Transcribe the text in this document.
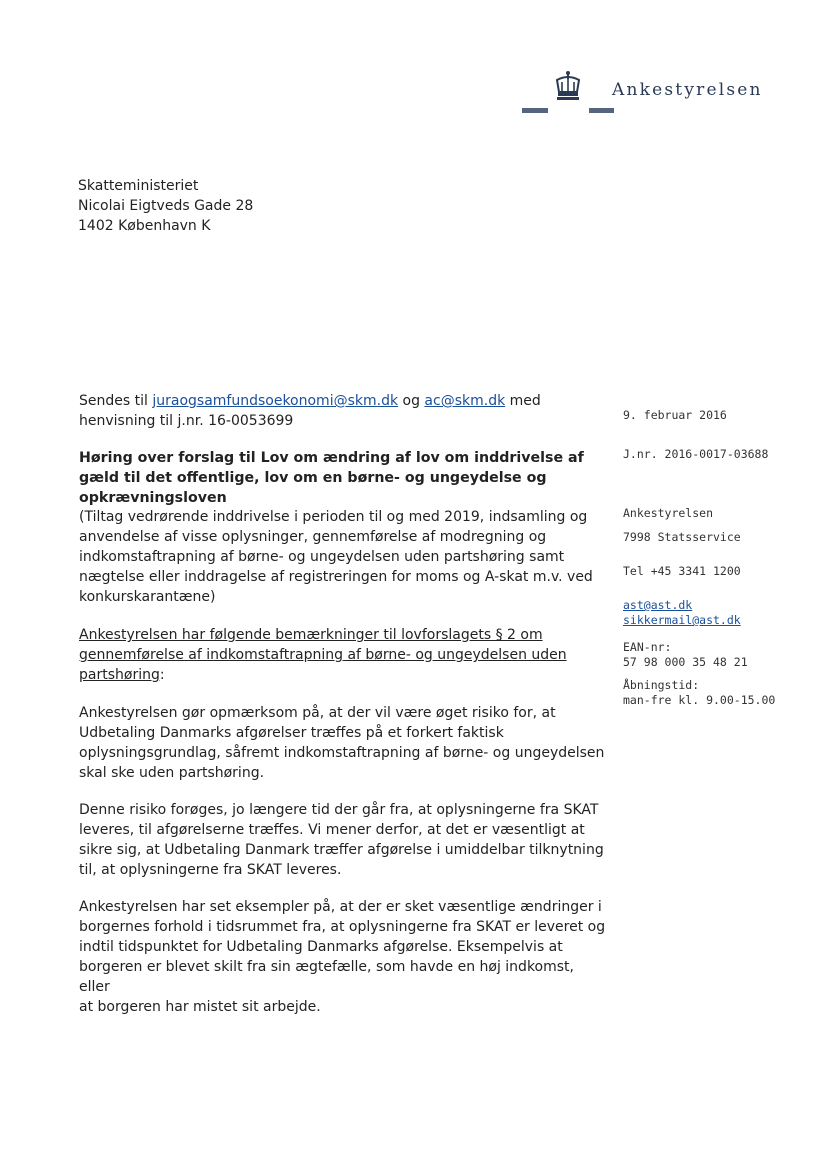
Ankestyrelsen
Skatteministeriet
Nicolai Eigtveds Gade 28
1402 København K
Sendes til juraogsamfundsoekonomi@skm.dk og ac@skm.dk med
henvisning til j.nr. 16-0053699
Høring over forslag til Lov om ændring af lov om inddrivelse af
gæld til det offentlige, lov om en børne- og ungeydelse og
opkrævningsloven
(Tiltag vedrørende inddrivelse i perioden til og med 2019, indsamling og
anvendelse af visse oplysninger, gennemførelse af modregning og
indkomstaftrapning af børne- og ungeydelsen uden partshøring samt
nægtelse eller inddragelse af registreringen for moms og A-skat m.v. ved
konkurskarantæne)
Ankestyrelsen har følgende bemærkninger til lovforslagets § 2 om
gennemførelse af indkomstaftrapning af børne- og ungeydelsen uden
partshøring:
Ankestyrelsen gør opmærksom på, at der vil være øget risiko for, at
Udbetaling Danmarks afgørelser træffes på et forkert faktisk
oplysningsgrundlag, såfremt indkomstaftrapning af børne- og ungeydelsen
skal ske uden partshøring.
Denne risiko forøges, jo længere tid der går fra, at oplysningerne fra SKAT
leveres, til afgørelserne træffes. Vi mener derfor, at det er væsentligt at
sikre sig, at Udbetaling Danmark træffer afgørelse i umiddelbar tilknytning
til, at oplysningerne fra SKAT leveres.
Ankestyrelsen har set eksempler på, at der er sket væsentlige ændringer i
borgernes forhold i tidsrummet fra, at oplysningerne fra SKAT er leveret og
indtil tidspunktet for Udbetaling Danmarks afgørelse. Eksempelvis at
borgeren er blevet skilt fra sin ægtefælle, som havde en høj indkomst, eller
at borgeren har mistet sit arbejde.
9. februar 2016
J.nr. 2016-0017-03688
Ankestyrelsen
7998 Statsservice
Tel +45 3341 1200
ast@ast.dk
sikkermail@ast.dk
EAN-nr:
57 98 000 35 48 21
Åbningstid:
man-fre kl. 9.00-15.00
